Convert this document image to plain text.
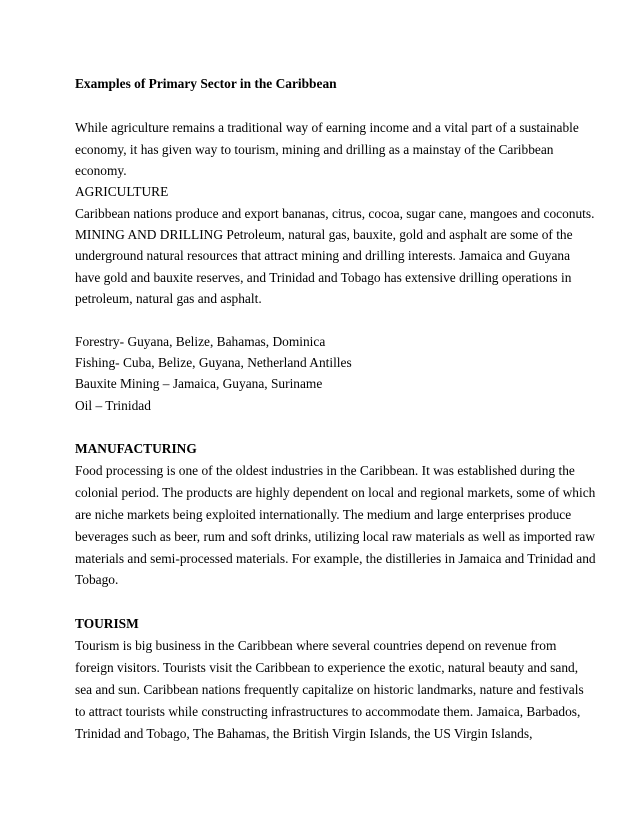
Examples of Primary Sector in the Caribbean

While agriculture remains a traditional way of earning income and a vital part of a sustainable

economy, it has given way to tourism, mining and drilling as a mainstay of the Caribbean

economy.

AGRICULTURE

Caribbean nations produce and export bananas, citrus, cocoa, sugar cane, mangoes and coconuts.

MINING AND DRILLING Petroleum, natural gas, bauxite, gold and asphalt are some of the

underground natural resources that attract mining and drilling interests. Jamaica and Guyana

have gold and bauxite reserves, and Trinidad and Tobago has extensive drilling operations in

petroleum, natural gas and asphalt.

Forestry- Guyana, Belize, Bahamas, Dominica

Fishing- Cuba, Belize, Guyana, Netherland Antilles

Bauxite Mining – Jamaica, Guyana, Suriname

Oil – Trinidad

MANUFACTURING

Food processing is one of the oldest industries in the Caribbean. It was established during the

colonial period. The products are highly dependent on local and regional markets, some of which

are niche markets being exploited internationally. The medium and large enterprises produce

beverages such as beer, rum and soft drinks, utilizing local raw materials as well as imported raw

materials and semi-processed materials. For example, the distilleries in Jamaica and Trinidad and

Tobago.

TOURISM

Tourism is big business in the Caribbean where several countries depend on revenue from

foreign visitors. Tourists visit the Caribbean to experience the exotic, natural beauty and sand,

sea and sun. Caribbean nations frequently capitalize on historic landmarks, nature and festivals

to attract tourists while constructing infrastructures to accommodate them. Jamaica, Barbados,

Trinidad and Tobago, The Bahamas, the British Virgin Islands, the US Virgin Islands,
